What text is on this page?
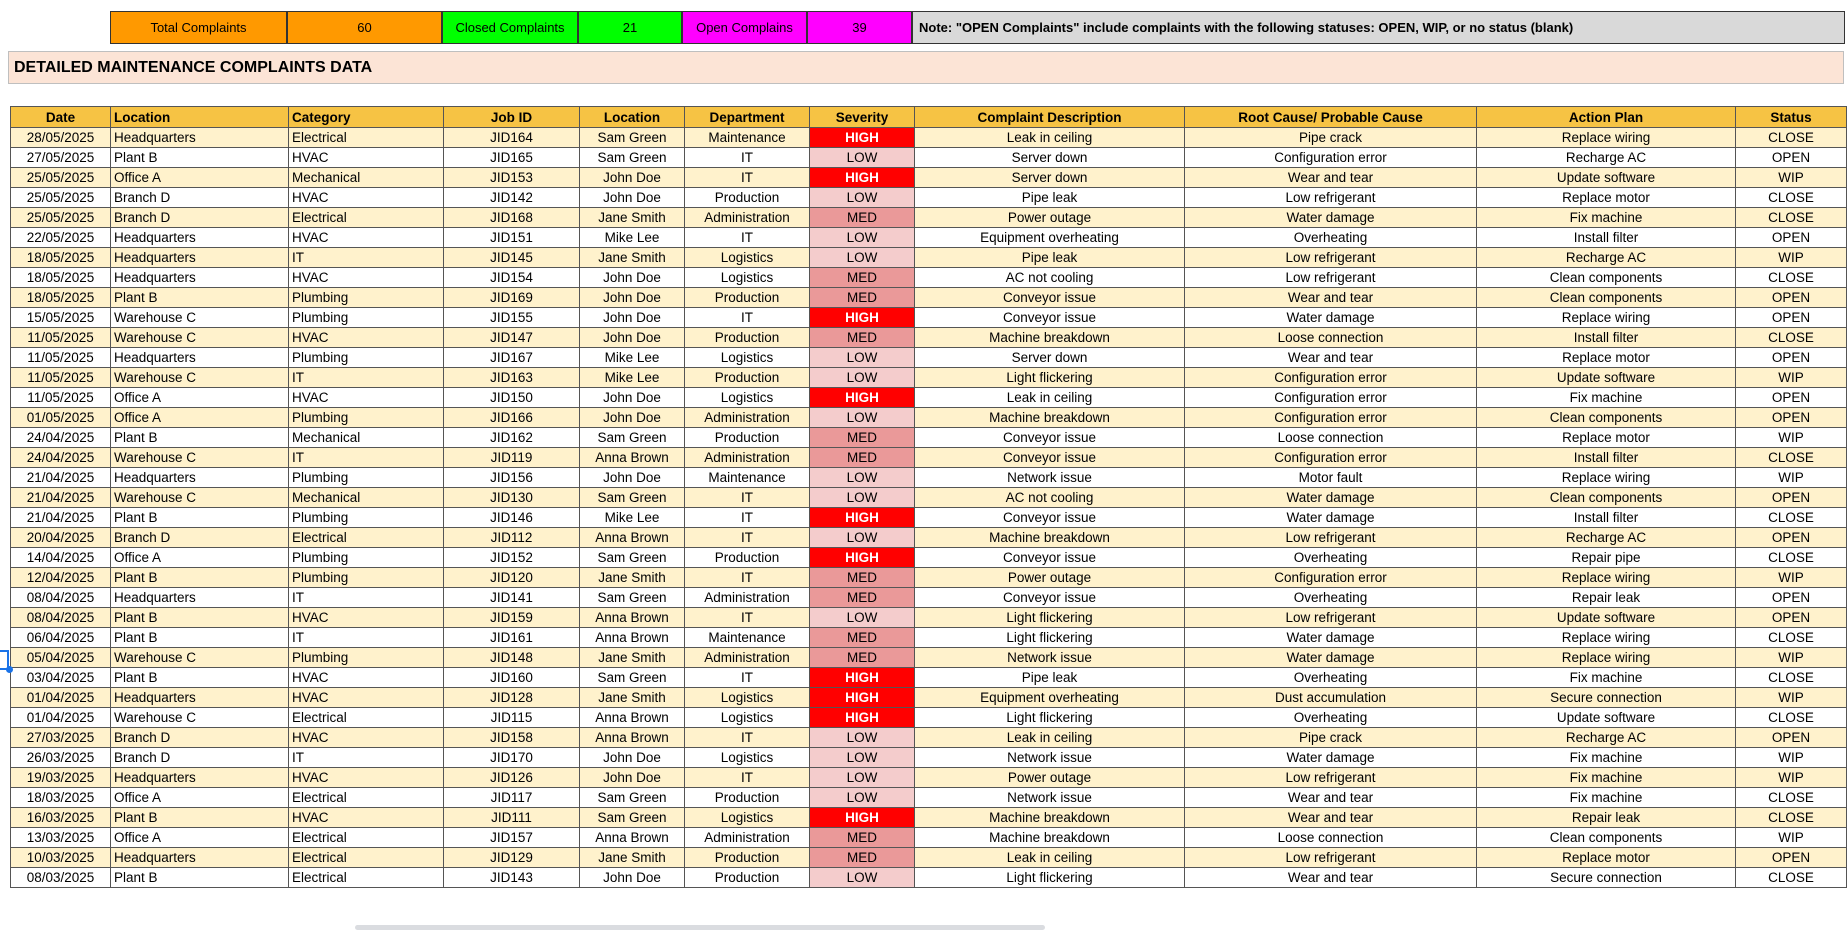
Total Complaints	60	Closed Complaints	21	Open Complains	39	Note: "OPEN Complaints" include complaints with the following statuses: OPEN, WIP, or no status (blank)
DETAILED MAINTENANCE COMPLAINTS DATA
Date	Location	Category	Job ID	Location	Department	Severity	Complaint Description	Root Cause/ Probable Cause	Action Plan	Status
28/05/2025	Headquarters	Electrical	JID164	Sam Green	Maintenance	HIGH	Leak in ceiling	Pipe crack	Replace wiring	CLOSE
27/05/2025	Plant B	HVAC	JID165	Sam Green	IT	LOW	Server down	Configuration error	Recharge AC	OPEN
25/05/2025	Office A	Mechanical	JID153	John Doe	IT	HIGH	Server down	Wear and tear	Update software	WIP
25/05/2025	Branch D	HVAC	JID142	John Doe	Production	LOW	Pipe leak	Low refrigerant	Replace motor	CLOSE
25/05/2025	Branch D	Electrical	JID168	Jane Smith	Administration	MED	Power outage	Water damage	Fix machine	CLOSE
22/05/2025	Headquarters	HVAC	JID151	Mike Lee	IT	LOW	Equipment overheating	Overheating	Install filter	OPEN
18/05/2025	Headquarters	IT	JID145	Jane Smith	Logistics	LOW	Pipe leak	Low refrigerant	Recharge AC	WIP
18/05/2025	Headquarters	HVAC	JID154	John Doe	Logistics	MED	AC not cooling	Low refrigerant	Clean components	CLOSE
18/05/2025	Plant B	Plumbing	JID169	John Doe	Production	MED	Conveyor issue	Wear and tear	Clean components	OPEN
15/05/2025	Warehouse C	Plumbing	JID155	John Doe	IT	HIGH	Conveyor issue	Water damage	Replace wiring	OPEN
11/05/2025	Warehouse C	HVAC	JID147	John Doe	Production	MED	Machine breakdown	Loose connection	Install filter	CLOSE
11/05/2025	Headquarters	Plumbing	JID167	Mike Lee	Logistics	LOW	Server down	Wear and tear	Replace motor	OPEN
11/05/2025	Warehouse C	IT	JID163	Mike Lee	Production	LOW	Light flickering	Configuration error	Update software	WIP
11/05/2025	Office A	HVAC	JID150	John Doe	Logistics	HIGH	Leak in ceiling	Configuration error	Fix machine	OPEN
01/05/2025	Office A	Plumbing	JID166	John Doe	Administration	LOW	Machine breakdown	Configuration error	Clean components	OPEN
24/04/2025	Plant B	Mechanical	JID162	Sam Green	Production	MED	Conveyor issue	Loose connection	Replace motor	WIP
24/04/2025	Warehouse C	IT	JID119	Anna Brown	Administration	MED	Conveyor issue	Configuration error	Install filter	CLOSE
21/04/2025	Headquarters	Plumbing	JID156	John Doe	Maintenance	LOW	Network issue	Motor fault	Replace wiring	WIP
21/04/2025	Warehouse C	Mechanical	JID130	Sam Green	IT	LOW	AC not cooling	Water damage	Clean components	OPEN
21/04/2025	Plant B	Plumbing	JID146	Mike Lee	IT	HIGH	Conveyor issue	Water damage	Install filter	CLOSE
20/04/2025	Branch D	Electrical	JID112	Anna Brown	IT	LOW	Machine breakdown	Low refrigerant	Recharge AC	OPEN
14/04/2025	Office A	Plumbing	JID152	Sam Green	Production	HIGH	Conveyor issue	Overheating	Repair pipe	CLOSE
12/04/2025	Plant B	Plumbing	JID120	Jane Smith	IT	MED	Power outage	Configuration error	Replace wiring	WIP
08/04/2025	Headquarters	IT	JID141	Sam Green	Administration	MED	Conveyor issue	Overheating	Repair leak	OPEN
08/04/2025	Plant B	HVAC	JID159	Anna Brown	IT	LOW	Light flickering	Low refrigerant	Update software	OPEN
06/04/2025	Plant B	IT	JID161	Anna Brown	Maintenance	MED	Light flickering	Water damage	Replace wiring	CLOSE
05/04/2025	Warehouse C	Plumbing	JID148	Jane Smith	Administration	MED	Network issue	Water damage	Replace wiring	WIP
03/04/2025	Plant B	HVAC	JID160	Sam Green	IT	HIGH	Pipe leak	Overheating	Fix machine	CLOSE
01/04/2025	Headquarters	HVAC	JID128	Jane Smith	Logistics	HIGH	Equipment overheating	Dust accumulation	Secure connection	WIP
01/04/2025	Warehouse C	Electrical	JID115	Anna Brown	Logistics	HIGH	Light flickering	Overheating	Update software	CLOSE
27/03/2025	Branch D	HVAC	JID158	Anna Brown	IT	LOW	Leak in ceiling	Pipe crack	Recharge AC	OPEN
26/03/2025	Branch D	IT	JID170	John Doe	Logistics	LOW	Network issue	Water damage	Fix machine	WIP
19/03/2025	Headquarters	HVAC	JID126	John Doe	IT	LOW	Power outage	Low refrigerant	Fix machine	WIP
18/03/2025	Office A	Electrical	JID117	Sam Green	Production	LOW	Network issue	Wear and tear	Fix machine	CLOSE
16/03/2025	Plant B	HVAC	JID111	Sam Green	Logistics	HIGH	Machine breakdown	Wear and tear	Repair leak	CLOSE
13/03/2025	Office A	Electrical	JID157	Anna Brown	Administration	MED	Machine breakdown	Loose connection	Clean components	WIP
10/03/2025	Headquarters	Electrical	JID129	Jane Smith	Production	MED	Leak in ceiling	Low refrigerant	Replace motor	OPEN
08/03/2025	Plant B	Electrical	JID143	John Doe	Production	LOW	Light flickering	Wear and tear	Secure connection	CLOSE
